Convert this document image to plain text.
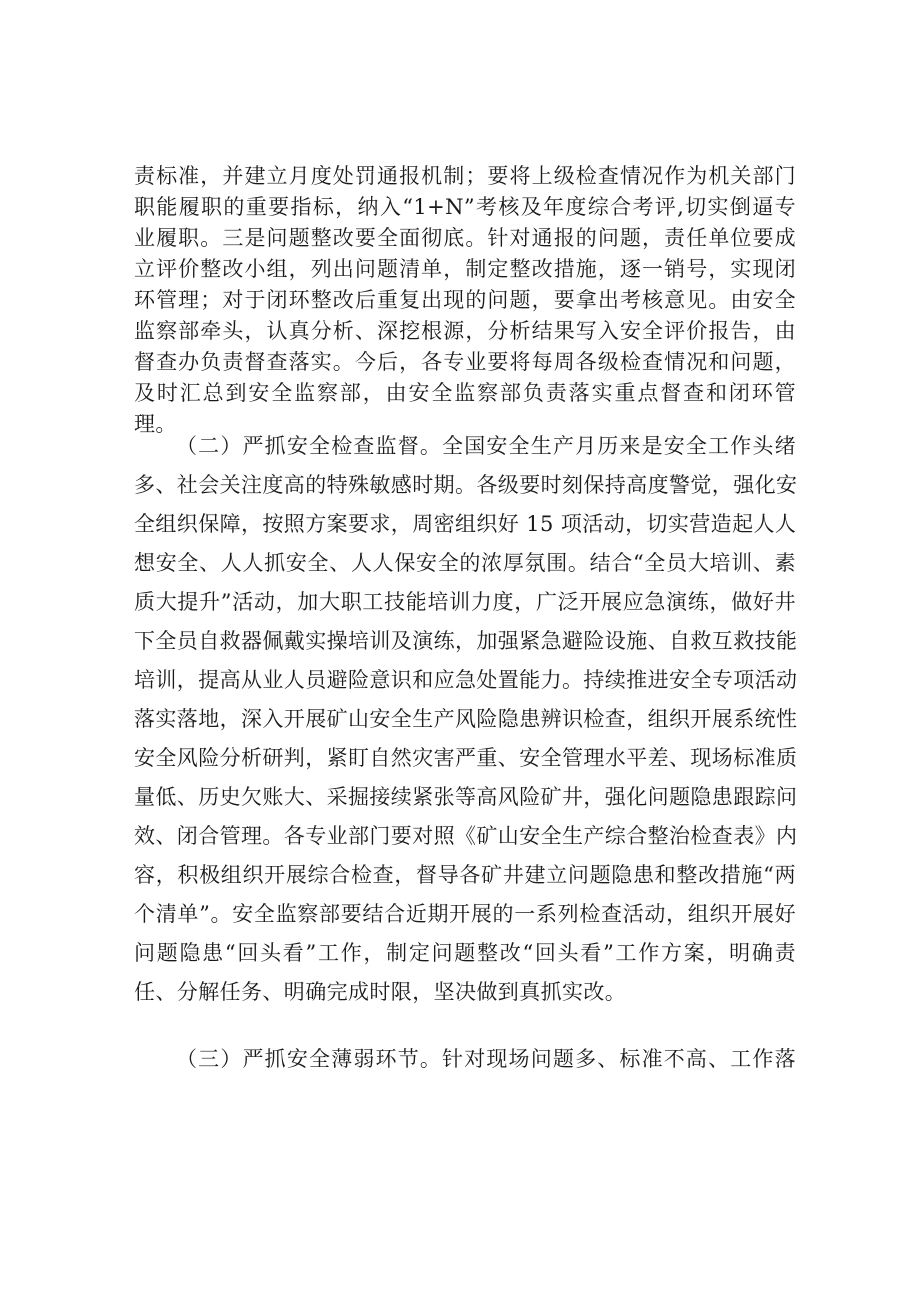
责标准，并建立月度处罚通报机制；要将上级检查情况作为机关部门
职能履职的重要指标，纳入“1+N”考核及年度综合考评,切实倒逼专
业履职。三是问题整改要全面彻底。针对通报的问题，责任单位要成
立评价整改小组，列出问题清单，制定整改措施，逐一销号，实现闭
环管理；对于闭环整改后重复出现的问题，要拿出考核意见。由安全
监察部牵头，认真分析、深挖根源，分析结果写入安全评价报告，由
督查办负责督查落实。今后，各专业要将每周各级检查情况和问题，
及时汇总到安全监察部，由安全监察部负责落实重点督查和闭环管
理。
（二）严抓安全检查监督。全国安全生产月历来是安全工作头绪
多、社会关注度高的特殊敏感时期。各级要时刻保持高度警觉，强化安
全组织保障，按照方案要求，周密组织好 15 项活动，切实营造起人人
想安全、人人抓安全、人人保安全的浓厚氛围。结合“全员大培训、素
质大提升”活动，加大职工技能培训力度，广泛开展应急演练，做好井
下全员自救器佩戴实操培训及演练，加强紧急避险设施、自救互救技能
培训，提高从业人员避险意识和应急处置能力。持续推进安全专项活动
落实落地，深入开展矿山安全生产风险隐患辨识检查，组织开展系统性
安全风险分析研判，紧盯自然灾害严重、安全管理水平差、现场标准质
量低、历史欠账大、采掘接续紧张等高风险矿井，强化问题隐患跟踪问
效、闭合管理。各专业部门要对照《矿山安全生产综合整治检查表》内
容，积极组织开展综合检查，督导各矿井建立问题隐患和整改措施“两
个清单”。安全监察部要结合近期开展的一系列检查活动，组织开展好
问题隐患“回头看”工作，制定问题整改“回头看”工作方案，明确责
任、分解任务、明确完成时限，坚决做到真抓实改。
（三）严抓安全薄弱环节。针对现场问题多、标准不高、工作落
